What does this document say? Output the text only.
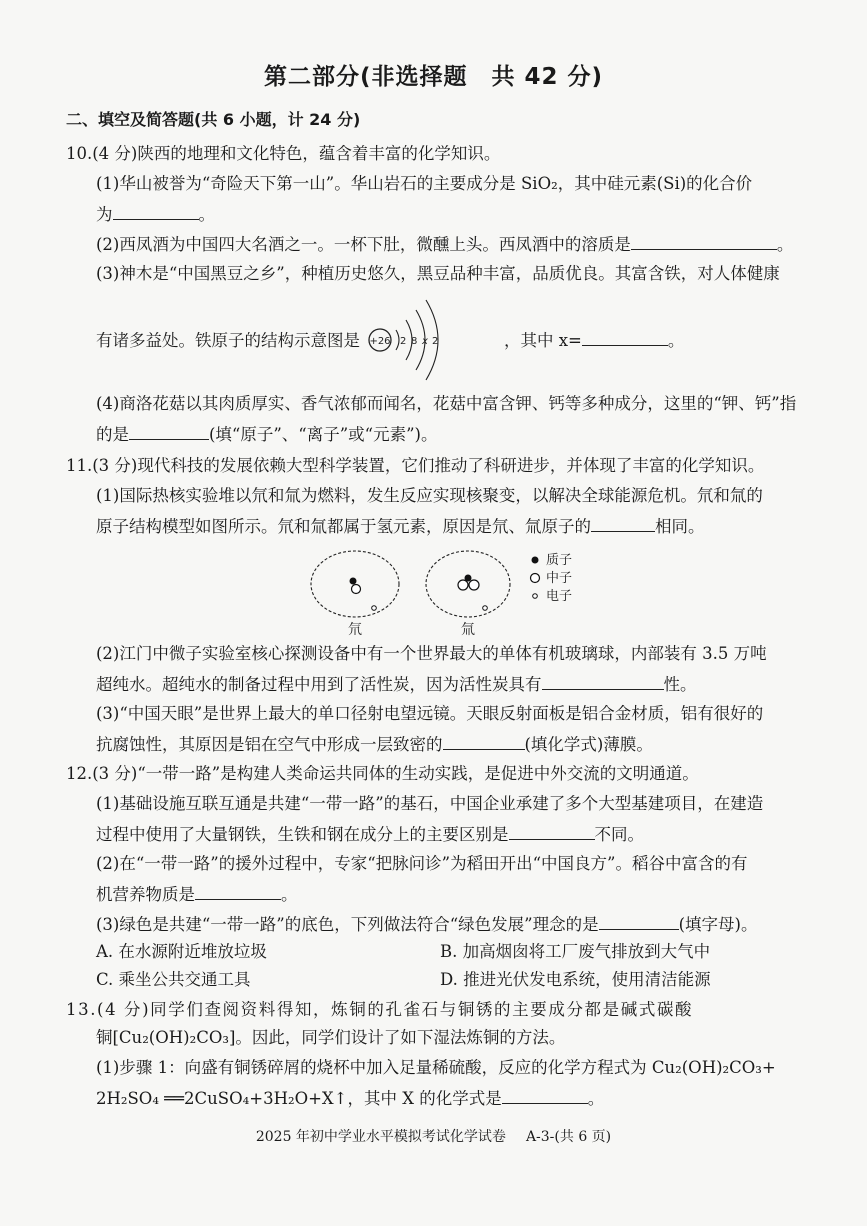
第二部分(非选择题　共 42 分)
二、填空及简答题(共 6 小题，计 24 分)
10.(4 分)陕西的地理和文化特色，蕴含着丰富的化学知识。
(1)华山被誉为“奇险天下第一山”。华山岩石的主要成分是 SiO₂，其中硅元素(Si)的化合价
为	。
(2)西凤酒为中国四大名酒之一。一杯下肚，微醺上头。西凤酒中的溶质是	。
(3)神木是“中国黑豆之乡”，种植历史悠久，黑豆品种丰富，品质优良。其富含铁，对人体健康
有诸多益处。铁原子的结构示意图是	，其中 x=	。
+26 2 8 x 2
(4)商洛花菇以其肉质厚实、香气浓郁而闻名，花菇中富含钾、钙等多种成分，这里的“钾、钙”指
的是	(填“原子”、“离子”或“元素”)。
11.(3 分)现代科技的发展依赖大型科学装置，它们推动了科研进步，并体现了丰富的化学知识。
(1)国际热核实验堆以氘和氚为燃料，发生反应实现核聚变，以解决全球能源危机。氘和氚的
原子结构模型如图所示。氘和氚都属于氢元素，原因是氘、氚原子的	相同。
氘	氚
质子
中子
电子
(2)江门中微子实验室核心探测设备中有一个世界最大的单体有机玻璃球，内部装有 3.5 万吨
超纯水。超纯水的制备过程中用到了活性炭，因为活性炭具有	性。
(3)“中国天眼”是世界上最大的单口径射电望远镜。天眼反射面板是铝合金材质，铝有很好的
抗腐蚀性，其原因是铝在空气中形成一层致密的	(填化学式)薄膜。
12.(3 分)“一带一路”是构建人类命运共同体的生动实践，是促进中外交流的文明通道。
(1)基础设施互联互通是共建“一带一路”的基石，中国企业承建了多个大型基建项目，在建造
过程中使用了大量钢铁，生铁和钢在成分上的主要区别是	不同。
(2)在“一带一路”的援外过程中，专家“把脉问诊”为稻田开出“中国良方”。稻谷中富含的有
机营养物质是	。
(3)绿色是共建“一带一路”的底色，下列做法符合“绿色发展”理念的是	(填字母)。
A. 在水源附近堆放垃圾	B. 加高烟囱将工厂废气排放到大气中
C. 乘坐公共交通工具	D. 推进光伏发电系统，使用清洁能源
13.(4 分)同学们查阅资料得知，炼铜的孔雀石与铜锈的主要成分都是碱式碳酸
铜[Cu₂(OH)₂CO₃]。因此，同学们设计了如下湿法炼铜的方法。
(1)步骤 1：向盛有铜锈碎屑的烧杯中加入足量稀硫酸，反应的化学方程式为 Cu₂(OH)₂CO₃+
2H₂SO₄ ══2CuSO₄+3H₂O+X↑，其中 X 的化学式是	。
2025 年初中学业水平模拟考试化学试卷 A-3-(共 6 页)
